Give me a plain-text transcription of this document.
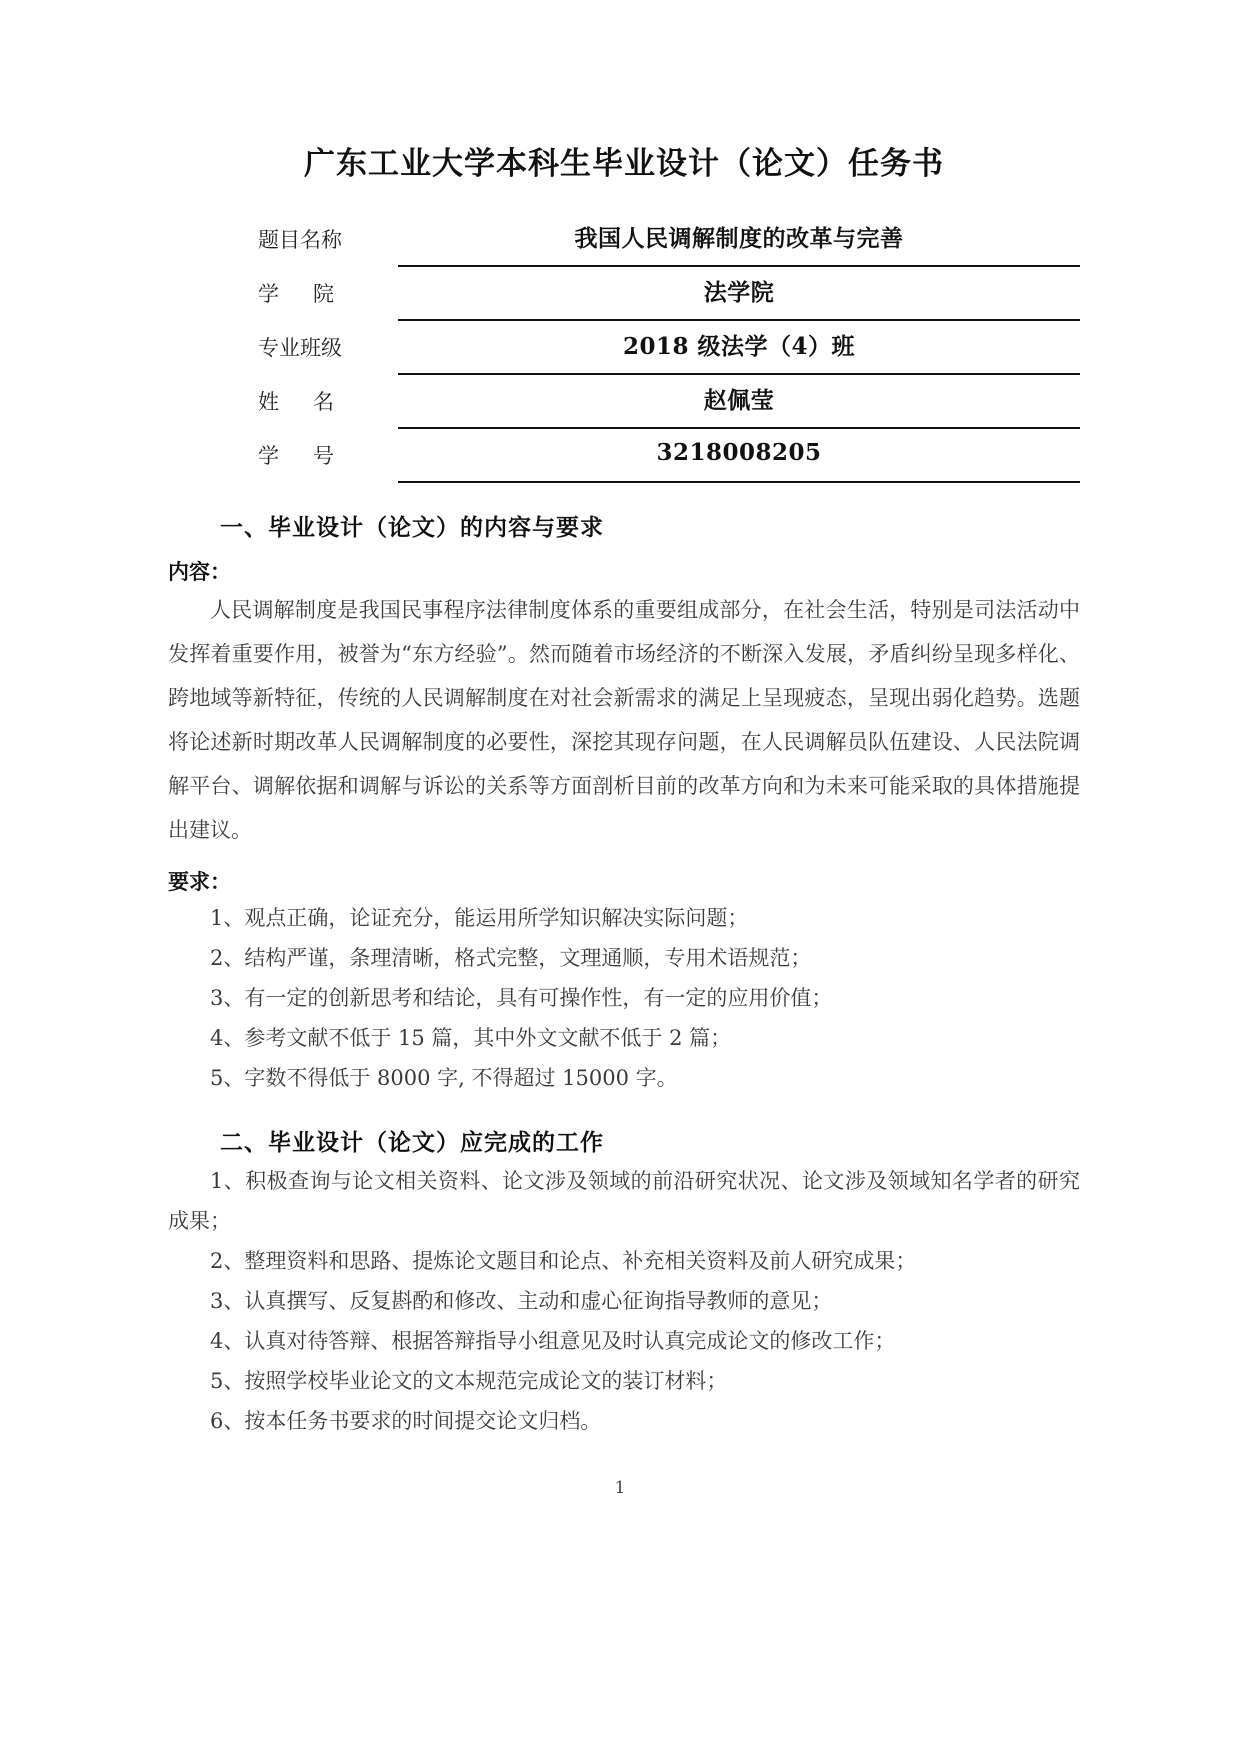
广东工业大学本科生毕业设计（论文）任务书
题目名称	我国人民调解制度的改革与完善
学 院	法学院
专业班级	2018 级法学（4）班
姓 名	赵佩莹
学 号	3218008205
一、毕业设计（论文）的内容与要求
内容：

人民调解制度是我国民事程序法律制度体系的重要组成部分，在社会生活，特别是司法活动中发挥着重要作用，被誉为“东方经验”。然而随着市场经济的不断深入发展，矛盾纠纷呈现多样化、跨地域等新特征，传统的人民调解制度在对社会新需求的满足上呈现疲态，呈现出弱化趋势。选题将论述新时期改革人民调解制度的必要性，深挖其现存问题，在人民调解员队伍建设、人民法院调解平台、调解依据和调解与诉讼的关系等方面剖析目前的改革方向和为未来可能采取的具体措施提出建议。

要求：
1、观点正确，论证充分，能运用所学知识解决实际问题；
2、结构严谨，条理清晰，格式完整，文理通顺，专用术语规范；
3、有一定的创新思考和结论，具有可操作性，有一定的应用价值；
4、参考文献不低于 15 篇，其中外文文献不低于 2 篇；
5、字数不得低于 8000 字, 不得超过 15000 字。
二、毕业设计（论文）应完成的工作
1、积极查询与论文相关资料、论文涉及领域的前沿研究状况、论文涉及领域知名学者的研究成果；
2、整理资料和思路、提炼论文题目和论点、补充相关资料及前人研究成果；
3、认真撰写、反复斟酌和修改、主动和虚心征询指导教师的意见；
4、认真对待答辩、根据答辩指导小组意见及时认真完成论文的修改工作；
5、按照学校毕业论文的文本规范完成论文的装订材料；
6、按本任务书要求的时间提交论文归档。
1
